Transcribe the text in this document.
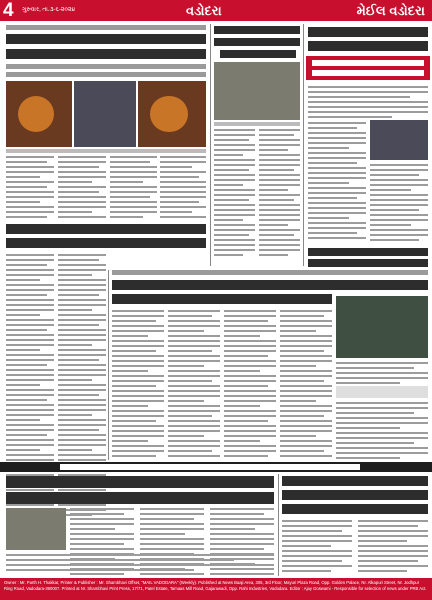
4	ગુરુવાર, તા.૩-૬-૨૦૨૪	વડોદરા	મેઈલ વડોદરા
Owner : Mr. Parth H. Thakkar, Printer & Publisher : Mr. Shambhavi Offset, "MAIL VADODARA" (Weekly). Published at News Baaji Area, 305, 3rd Floor, Mayuri Plaza Road, Opp. Golden Palace, Nr. Alkapuri Street, Nr. Jodhpur Ring Road, Vadodara-390007. Printed at Nr. Shambhavi Print Press, 17/71, Patel Estate, Tamaas Mill Road, Gajarawadi, Opp. Rahi Industries, Vadodara. Editor : Ajay Goswami - Responsible for selection of news under PRB Act.
